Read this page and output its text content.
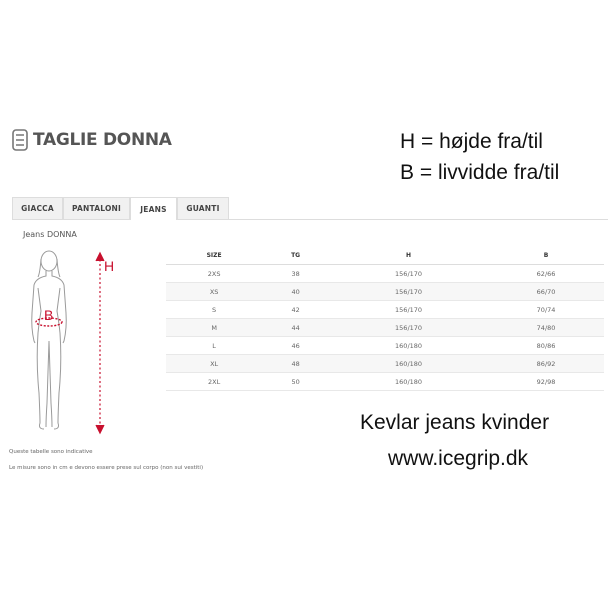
TAGLIE DONNA	H = højde fra/til
B = livvidde fra/til
GIACCA	PANTALONI	JEANS	GUANTI
Jeans DONNA
B
H
SIZE	TG	H	B
2XS	38	156/170	62/66
XS	40	156/170	66/70
S	42	156/170	70/74
M	44	156/170	74/80
L	46	160/180	80/86
XL	48	160/180	86/92
2XL	50	160/180	92/98
Queste tabelle sono indicative
Le misure sono in cm e devono essere prese sul corpo (non sui vestiti)
Kevlar jeans kvinder
www.icegrip.dk
